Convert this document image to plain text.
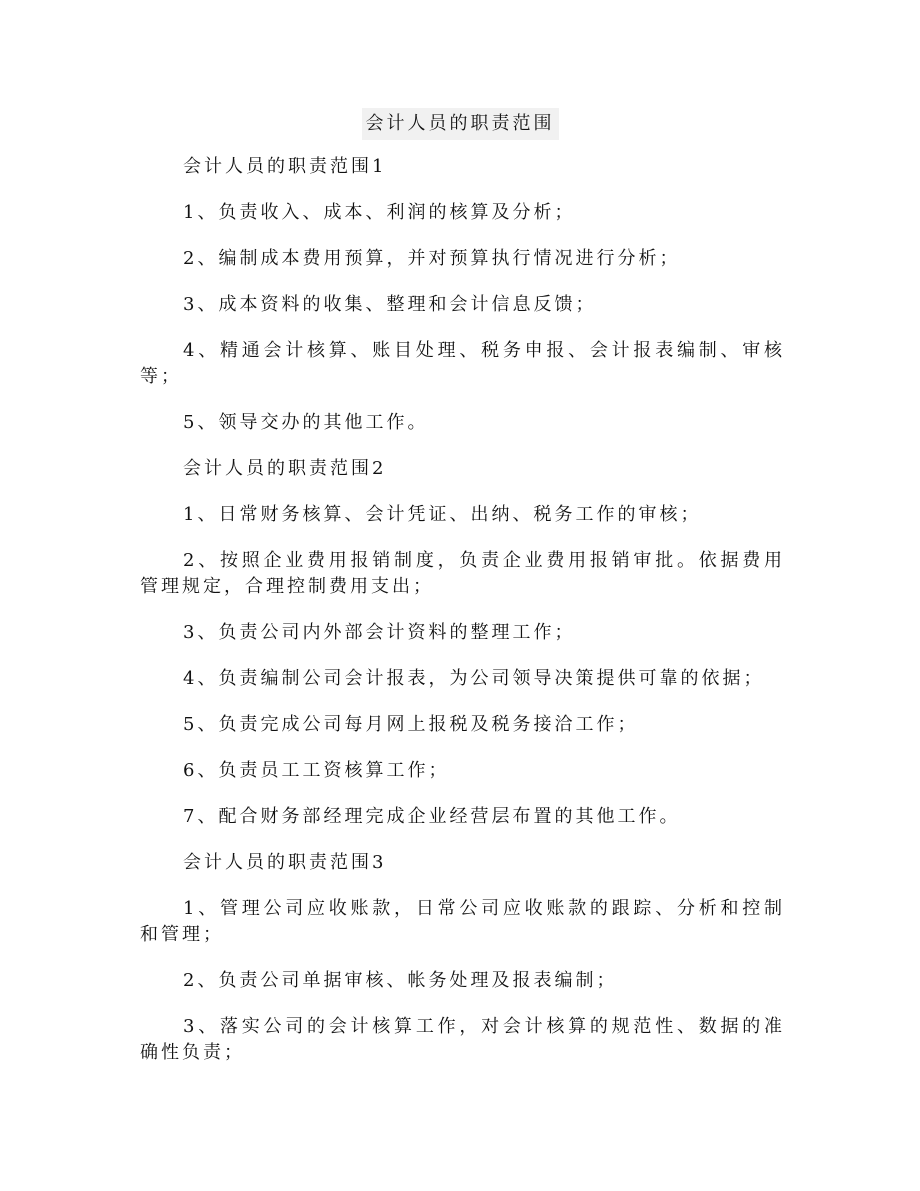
会计人员的职责范围

会计人员的职责范围1

1、负责收入、成本、利润的核算及分析；

2、编制成本费用预算，并对预算执行情况进行分析；

3、成本资料的收集、整理和会计信息反馈；

4、精通会计核算、账目处理、税务申报、会计报表编制、审核等；

5、领导交办的其他工作。

会计人员的职责范围2

1、日常财务核算、会计凭证、出纳、税务工作的审核；

2、按照企业费用报销制度，负责企业费用报销审批。依据费用管理规定，合理控制费用支出；

3、负责公司内外部会计资料的整理工作；

4、负责编制公司会计报表，为公司领导决策提供可靠的依据；

5、负责完成公司每月网上报税及税务接洽工作；

6、负责员工工资核算工作；

7、配合财务部经理完成企业经营层布置的其他工作。

会计人员的职责范围3

1、管理公司应收账款，日常公司应收账款的跟踪、分析和控制和管理；

2、负责公司单据审核、帐务处理及报表编制；

3、落实公司的会计核算工作，对会计核算的规范性、数据的准确性负责；
